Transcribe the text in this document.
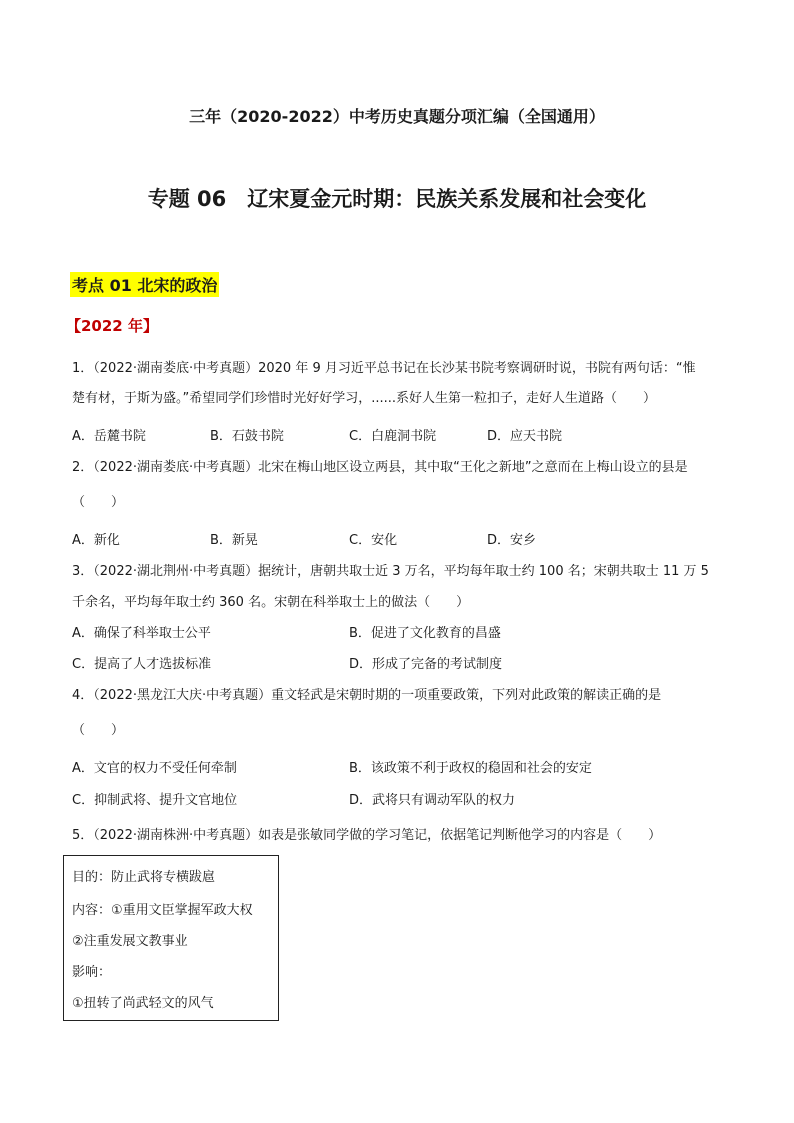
三年（2020-2022）中考历史真题分项汇编（全国通用）
专题 06　辽宋夏金元时期：民族关系发展和社会变化
考点 01 北宋的政治
【2022 年】
1．（2022·湖南娄底·中考真题）2020 年 9 月习近平总书记在长沙某书院考察调研时说，书院有两句话：“惟
楚有材，于斯为盛。”希望同学们珍惜时光好好学习，......系好人生第一粒扣子，走好人生道路（　　）
A．岳麓书院	B．石鼓书院	C．白鹿洞书院	D．应天书院
2．（2022·湖南娄底·中考真题）北宋在梅山地区设立两县，其中取“王化之新地”之意而在上梅山设立的县是
（　　）
A．新化	B．新晃	C．安化	D．安乡
3．（2022·湖北荆州·中考真题）据统计，唐朝共取士近 3 万名，平均每年取士约 100 名；宋朝共取士 11 万 5
千余名，平均每年取士约 360 名。宋朝在科举取士上的做法（　　）
A．确保了科举取士公平	B．促进了文化教育的昌盛
C．提高了人才选拔标准	D．形成了完备的考试制度
4．（2022·黑龙江大庆·中考真题）重文轻武是宋朝时期的一项重要政策，下列对此政策的解读正确的是
（　　）
A．文官的权力不受任何牵制	B．该政策不利于政权的稳固和社会的安定
C．抑制武将、提升文官地位	D．武将只有调动军队的权力
5．（2022·湖南株洲·中考真题）如表是张敏同学做的学习笔记，依据笔记判断他学习的内容是（　　）
目的：防止武将专横跋扈
内容：①重用文臣掌握军政大权
②注重发展文教事业
影响：
①扭转了尚武轻文的风气
